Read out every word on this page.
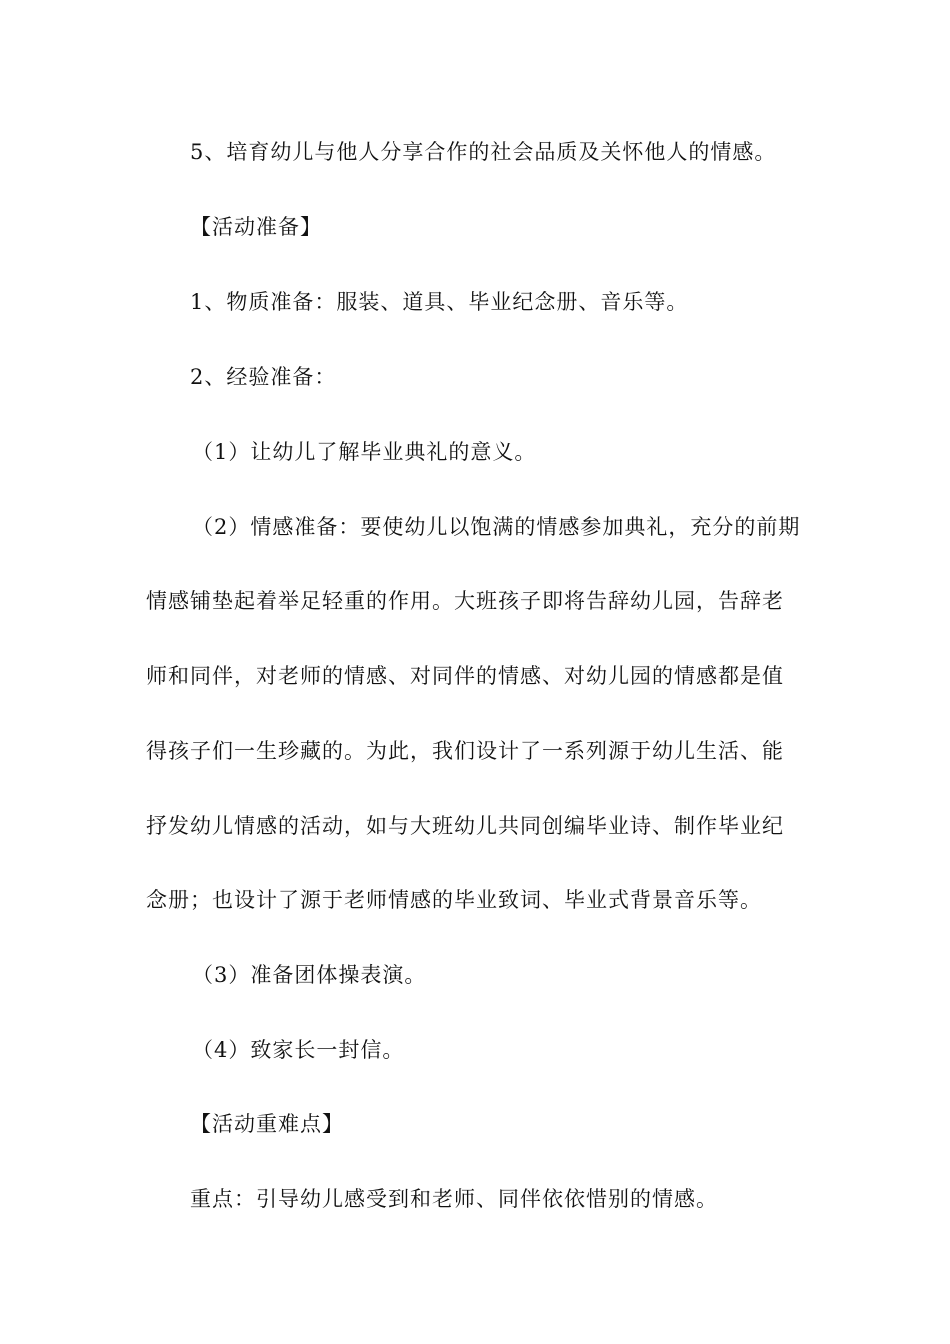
5、培育幼儿与他人分享合作的社会品质及关怀他人的情感。
【活动准备】
1、物质准备：服装、道具、毕业纪念册、音乐等。
2、经验准备：
（1）让幼儿了解毕业典礼的意义。
（2）情感准备：要使幼儿以饱满的情感参加典礼，充分的前期
情感铺垫起着举足轻重的作用。大班孩子即将告辞幼儿园，告辞老
师和同伴，对老师的情感、对同伴的情感、对幼儿园的情感都是值
得孩子们一生珍藏的。为此，我们设计了一系列源于幼儿生活、能
抒发幼儿情感的活动，如与大班幼儿共同创编毕业诗、制作毕业纪
念册；也设计了源于老师情感的毕业致词、毕业式背景音乐等。
（3）准备团体操表演。
（4）致家长一封信。
【活动重难点】
重点：引导幼儿感受到和老师、同伴依依惜别的情感。
